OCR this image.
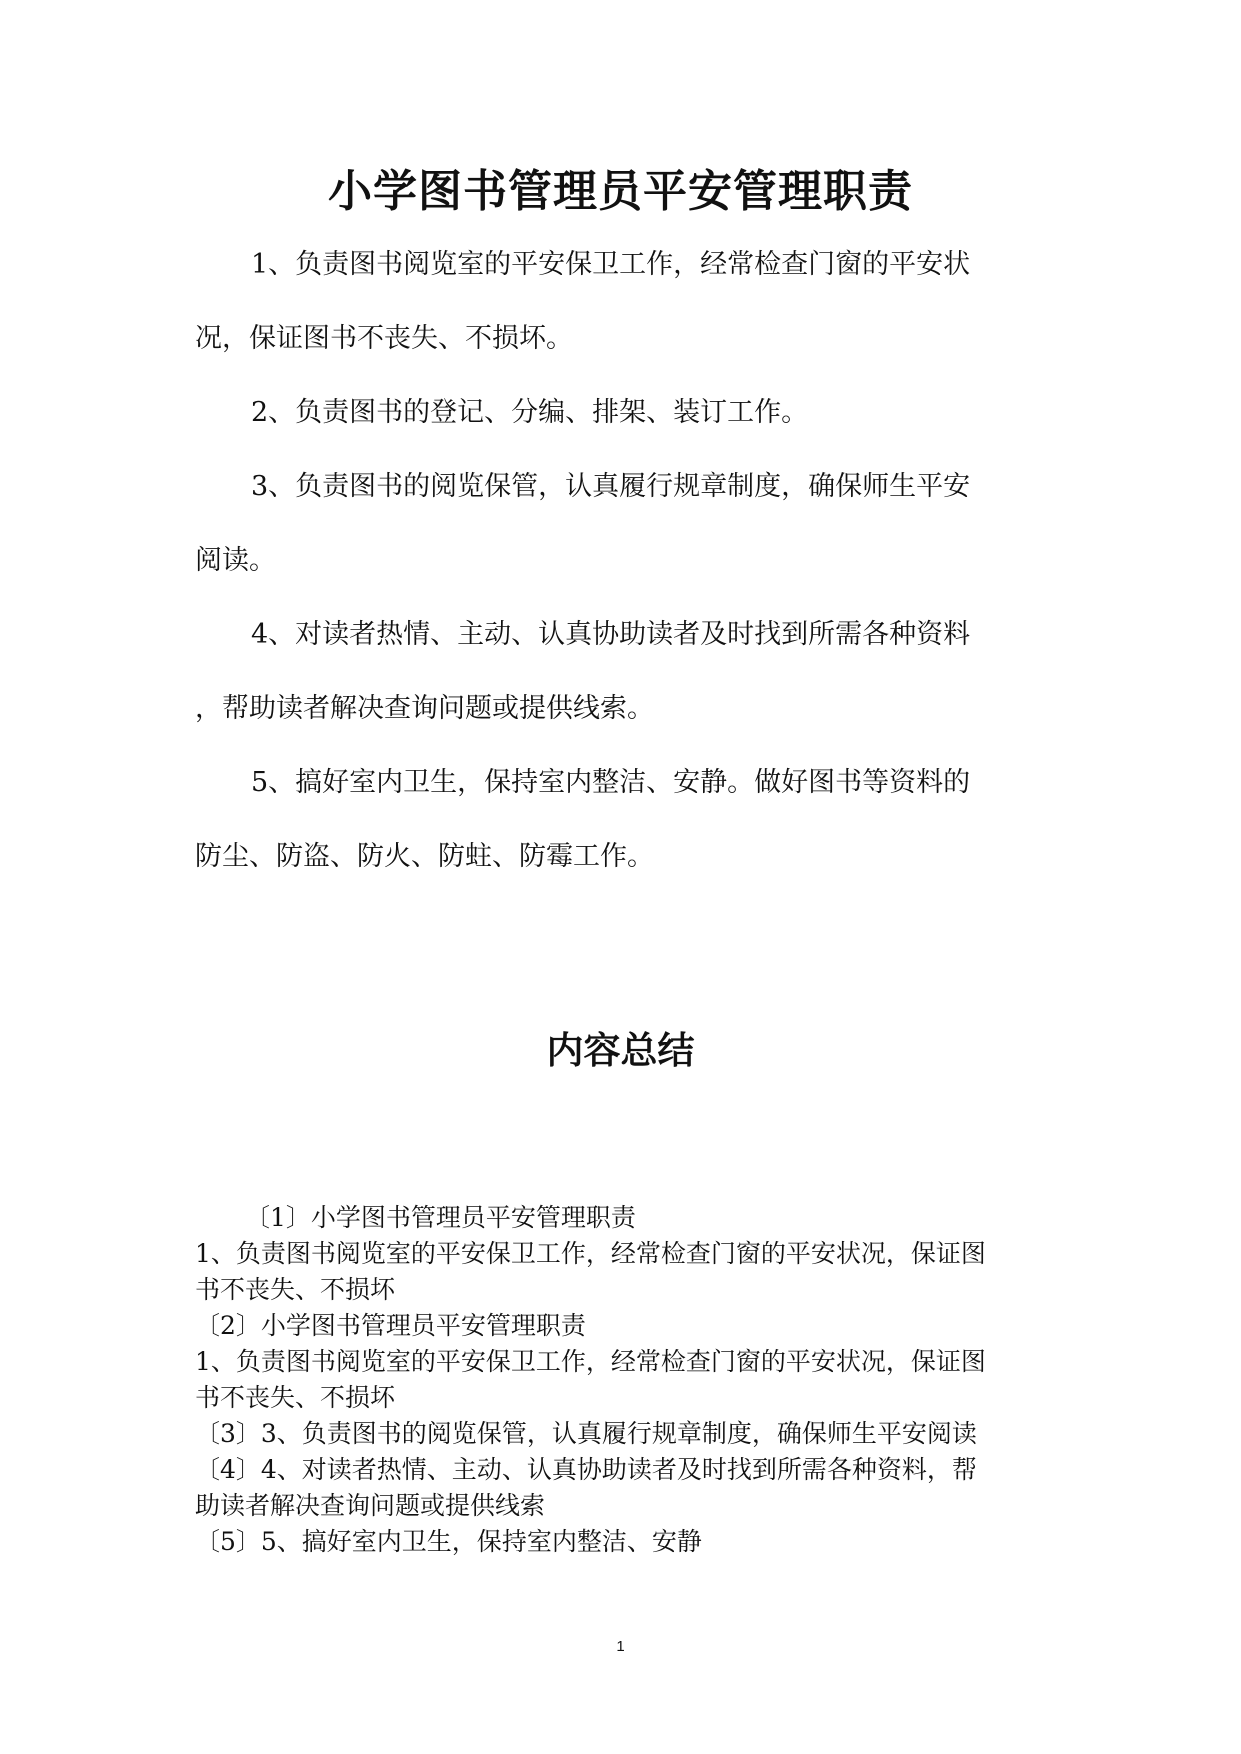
小学图书管理员平安管理职责

1、负责图书阅览室的平安保卫工作，经常检查门窗的平安状
况，保证图书不丧失、不损坏。

2、负责图书的登记、分编、排架、装订工作。

3、负责图书的阅览保管，认真履行规章制度，确保师生平安
阅读。

4、对读者热情、主动、认真协助读者及时找到所需各种资料
，帮助读者解决查询问题或提供线索。

5、搞好室内卫生，保持室内整洁、安静。做好图书等资料的
防尘、防盗、防火、防蛀、防霉工作。

内容总结
〔1〕小学图书管理员平安管理职责
1、负责图书阅览室的平安保卫工作，经常检查门窗的平安状况，保证图
书不丧失、不损坏
〔2〕小学图书管理员平安管理职责
1、负责图书阅览室的平安保卫工作，经常检查门窗的平安状况，保证图
书不丧失、不损坏
〔3〕3、负责图书的阅览保管，认真履行规章制度，确保师生平安阅读
〔4〕4、对读者热情、主动、认真协助读者及时找到所需各种资料，帮
助读者解决查询问题或提供线索
〔5〕5、搞好室内卫生，保持室内整洁、安静
1
